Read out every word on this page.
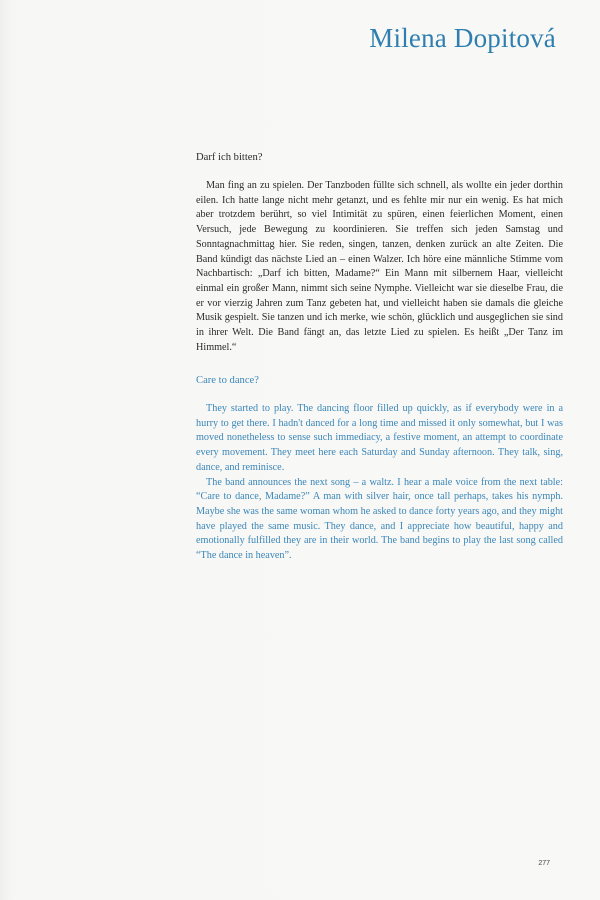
Milena Dopitová
Darf ich bitten?

Man fing an zu spielen. Der Tanzboden füllte sich schnell, als wollte ein jeder dorthin eilen. Ich hatte lange nicht mehr getanzt, und es fehlte mir nur ein wenig. Es hat mich aber trotzdem berührt, so viel Intimität zu spüren, einen feierlichen Moment, einen Versuch, jede Bewegung zu koordinieren. Sie treffen sich jeden Samstag und Sonntagnachmittag hier. Sie reden, singen, tanzen, denken zurück an alte Zeiten. Die Band kündigt das nächste Lied an – einen Walzer. Ich höre eine männliche Stimme vom Nachbartisch: „Darf ich bitten, Madame?“ Ein Mann mit silbernem Haar, vielleicht einmal ein großer Mann, nimmt sich seine Nymphe. Vielleicht war sie dieselbe Frau, die er vor vierzig Jahren zum Tanz gebeten hat, und vielleicht haben sie damals die gleiche Musik gespielt. Sie tanzen und ich merke, wie schön, glücklich und ausgeglichen sie sind in ihrer Welt. Die Band fängt an, das letzte Lied zu spielen. Es heißt „Der Tanz im Himmel.“

Care to dance?

They started to play. The dancing floor filled up quickly, as if everybody were in a hurry to get there. I hadn't danced for a long time and missed it only somewhat, but I was moved nonetheless to sense such immediacy, a festive moment, an attempt to coordinate every movement. They meet here each Saturday and Sunday afternoon. They talk, sing, dance, and reminisce.

The band announces the next song – a waltz. I hear a male voice from the next table: “Care to dance, Madame?” A man with silver hair, once tall perhaps, takes his nymph. Maybe she was the same woman whom he asked to dance forty years ago, and they might have played the same music. They dance, and I appreciate how beautiful, happy and emotionally fulfilled they are in their world. The band begins to play the last song called “The dance in heaven”.

277
